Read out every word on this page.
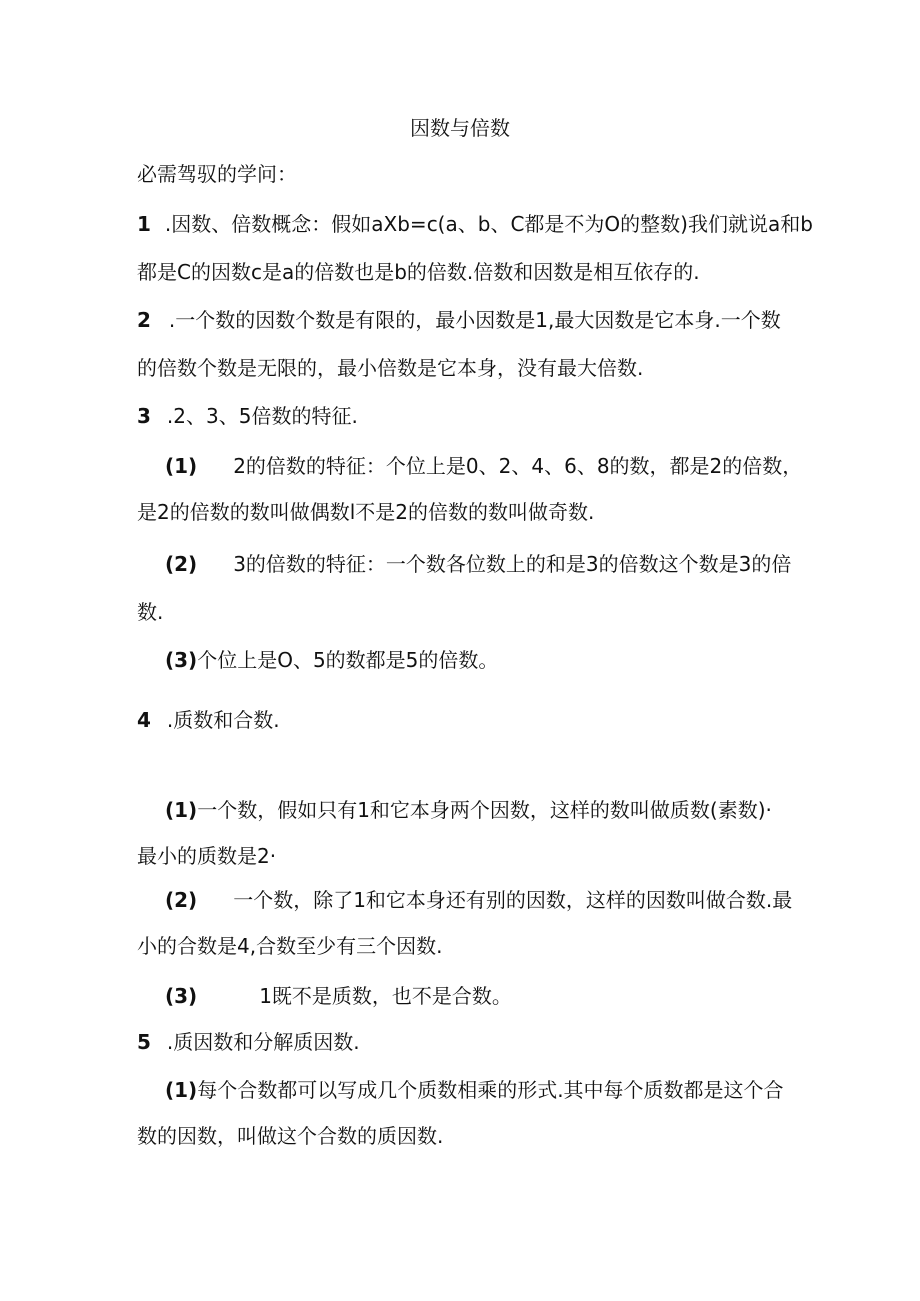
因数与倍数

必需驾驭的学问：

1 .因数、倍数概念：假如aXb=c(a、b、C都是不为O的整数)我们就说a和b

都是C的因数c是a的倍数也是b的倍数.倍数和因数是相互依存的.

2 .一个数的因数个数是有限的，最小因数是1,最大因数是它本身.一个数

的倍数个数是无限的，最小倍数是它本身，没有最大倍数.

3 .2、3、5倍数的特征.

(1) 2的倍数的特征：个位上是0、2、4、6、8的数，都是2的倍数，

是2的倍数的数叫做偶数l不是2的倍数的数叫做奇数.

(2) 3的倍数的特征：一个数各位数上的和是3的倍数这个数是3的倍

数.

(3)个位上是O、5的数都是5的倍数。

4 .质数和合数.

(1)一个数，假如只有1和它本身两个因数，这样的数叫做质数(素数)·

最小的质数是2·

(2) 一个数，除了1和它本身还有别的因数，这样的因数叫做合数.最

小的合数是4,合数至少有三个因数.

(3)	1既不是质数，也不是合数。

5 .质因数和分解质因数.

(1)每个合数都可以写成几个质数相乘的形式.其中每个质数都是这个合

数的因数，叫做这个合数的质因数.
